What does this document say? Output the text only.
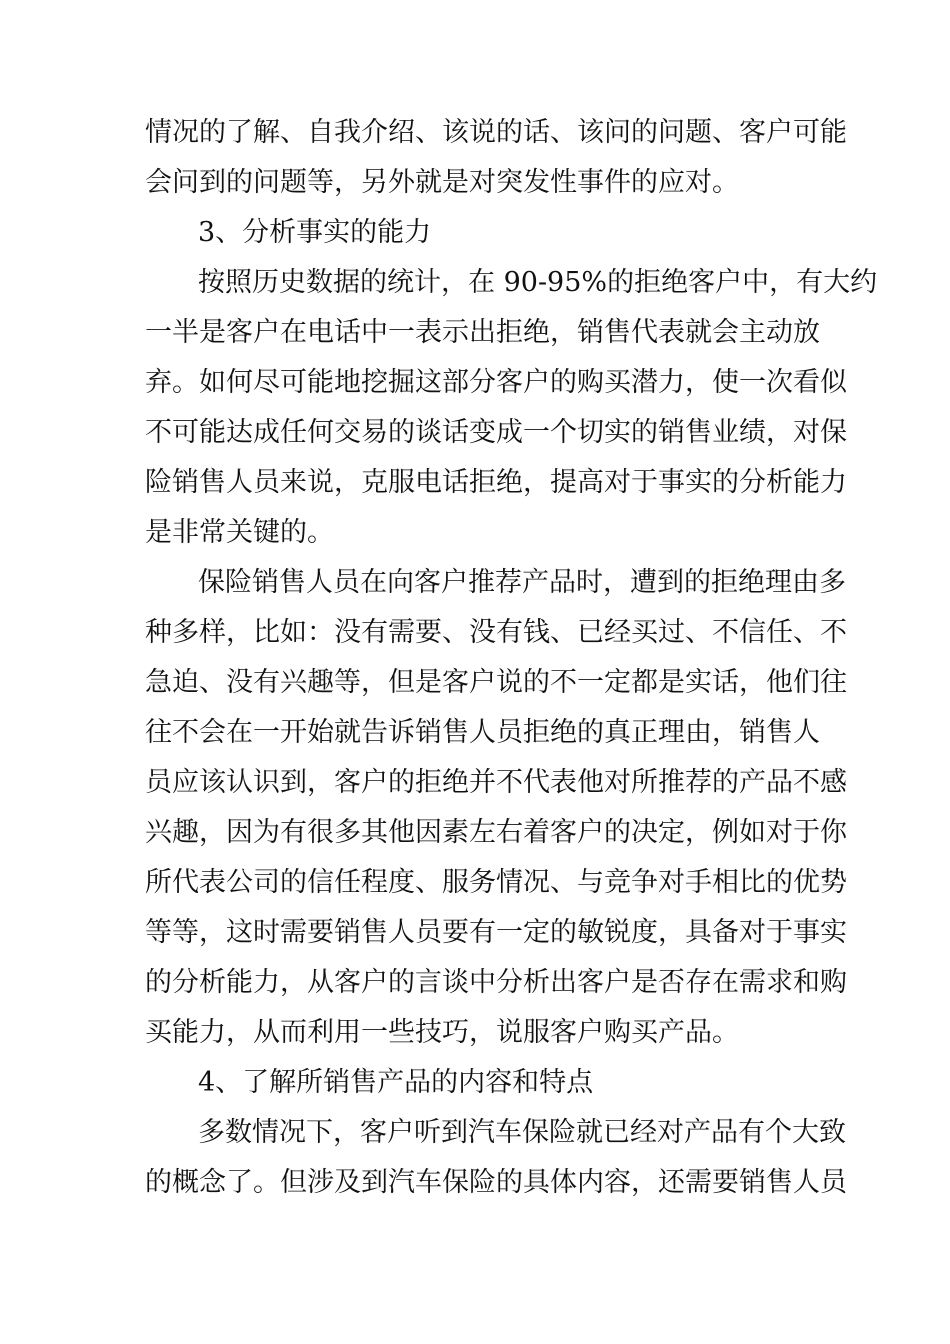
情况的了解、自我介绍、该说的话、该问的问题、客户可能
会问到的问题等，另外就是对突发性事件的应对。
3、分析事实的能力
按照历史数据的统计，在 90-95%的拒绝客户中，有大约
一半是客户在电话中一表示出拒绝，销售代表就会主动放
弃。如何尽可能地挖掘这部分客户的购买潜力，使一次看似
不可能达成任何交易的谈话变成一个切实的销售业绩，对保
险销售人员来说，克服电话拒绝，提高对于事实的分析能力
是非常关键的。
保险销售人员在向客户推荐产品时，遭到的拒绝理由多
种多样，比如：没有需要、没有钱、已经买过、不信任、不
急迫、没有兴趣等，但是客户说的不一定都是实话，他们往
往不会在一开始就告诉销售人员拒绝的真正理由，销售人
员应该认识到，客户的拒绝并不代表他对所推荐的产品不感
兴趣，因为有很多其他因素左右着客户的决定，例如对于你
所代表公司的信任程度、服务情况、与竞争对手相比的优势
等等，这时需要销售人员要有一定的敏锐度，具备对于事实
的分析能力，从客户的言谈中分析出客户是否存在需求和购
买能力，从而利用一些技巧，说服客户购买产品。
4、了解所销售产品的内容和特点
多数情况下，客户听到汽车保险就已经对产品有个大致
的概念了。但涉及到汽车保险的具体内容，还需要销售人员
